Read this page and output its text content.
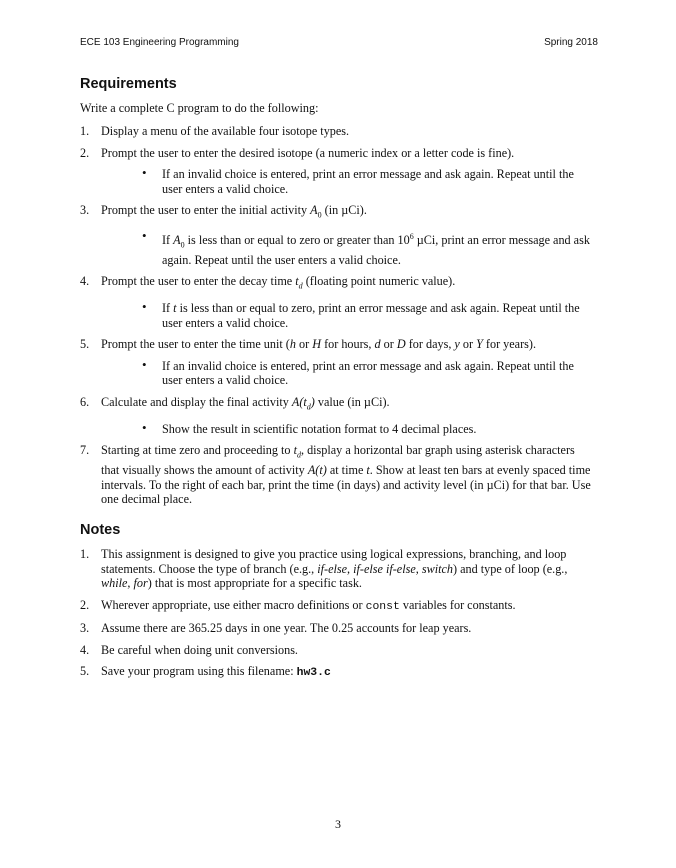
ECE 103 Engineering Programming	Spring 2018
Requirements
Write a complete C program to do the following:
1. Display a menu of the available four isotope types.
2. Prompt the user to enter the desired isotope (a numeric index or a letter code is fine).
• If an invalid choice is entered, print an error message and ask again. Repeat until the user enters a valid choice.
3. Prompt the user to enter the initial activity $A_0$ (in µCi).
• If $A_0$ is less than or equal to zero or greater than $10^6$ µCi, print an error message and ask again. Repeat until the user enters a valid choice.
4. Prompt the user to enter the decay time $t_d$ (floating point numeric value).
• If t is less than or equal to zero, print an error message and ask again. Repeat until the user enters a valid choice.
5. Prompt the user to enter the time unit (h or H for hours, d or D for days, y or Y for years).
• If an invalid choice is entered, print an error message and ask again. Repeat until the user enters a valid choice.
6. Calculate and display the final activity $A(t_d)$ value (in µCi).
• Show the result in scientific notation format to 4 decimal places.
7. Starting at time zero and proceeding to $t_d$, display a horizontal bar graph using asterisk characters that visually shows the amount of activity A(t) at time t. Show at least ten bars at evenly spaced time intervals. To the right of each bar, print the time (in days) and activity level (in µCi) for that bar. Use one decimal place.
Notes
1. This assignment is designed to give you practice using logical expressions, branching, and loop statements. Choose the type of branch (e.g., if-else, if-else if-else, switch) and type of loop (e.g., while, for) that is most appropriate for a specific task.
2. Wherever appropriate, use either macro definitions or const variables for constants.
3. Assume there are 365.25 days in one year. The 0.25 accounts for leap years.
4. Be careful when doing unit conversions.
5. Save your program using this filename: hw3.c
3
